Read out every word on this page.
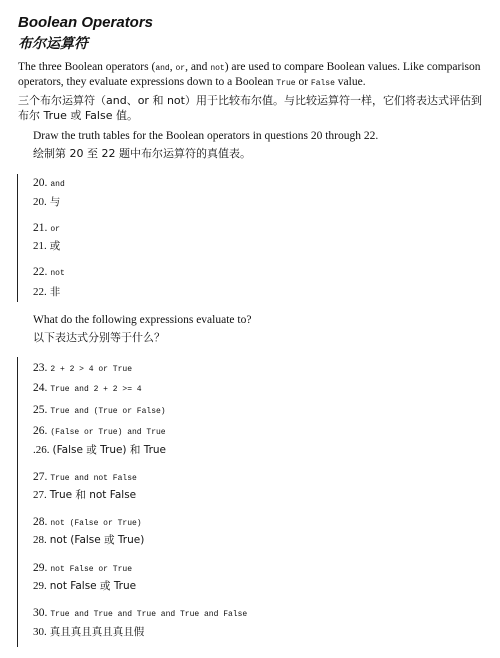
Boolean Operators
布尔运算符
The three Boolean operators (and, or, and not) are used to compare Boolean values. Like comparison operators, they evaluate expressions down to a Boolean True or False value.
三个布尔运算符（and、or 和 not）用于比较布尔值。与比较运算符一样，它们将表达式评估到布尔 True 或 False 值。
Draw the truth tables for the Boolean operators in questions 20 through 22.
绘制第 20 至 22 题中布尔运算符的真值表。
20. and
20. 与
21. or
21. 或
22. not
22. 非
What do the following expressions evaluate to?
以下表达式分别等于什么？
23. 2 + 2 > 4 or True
24. True and 2 + 2 >= 4
25. True and (True or False)
26. (False or True) and True
.26. (False 或 True) 和 True
27. True and not False
27. True 和 not False
28. not (False or True)
28. not (False 或 True)
29. not False or True
29. not False 或 True
30. True and True and True and True and False
30. 真且真且真且真且假
